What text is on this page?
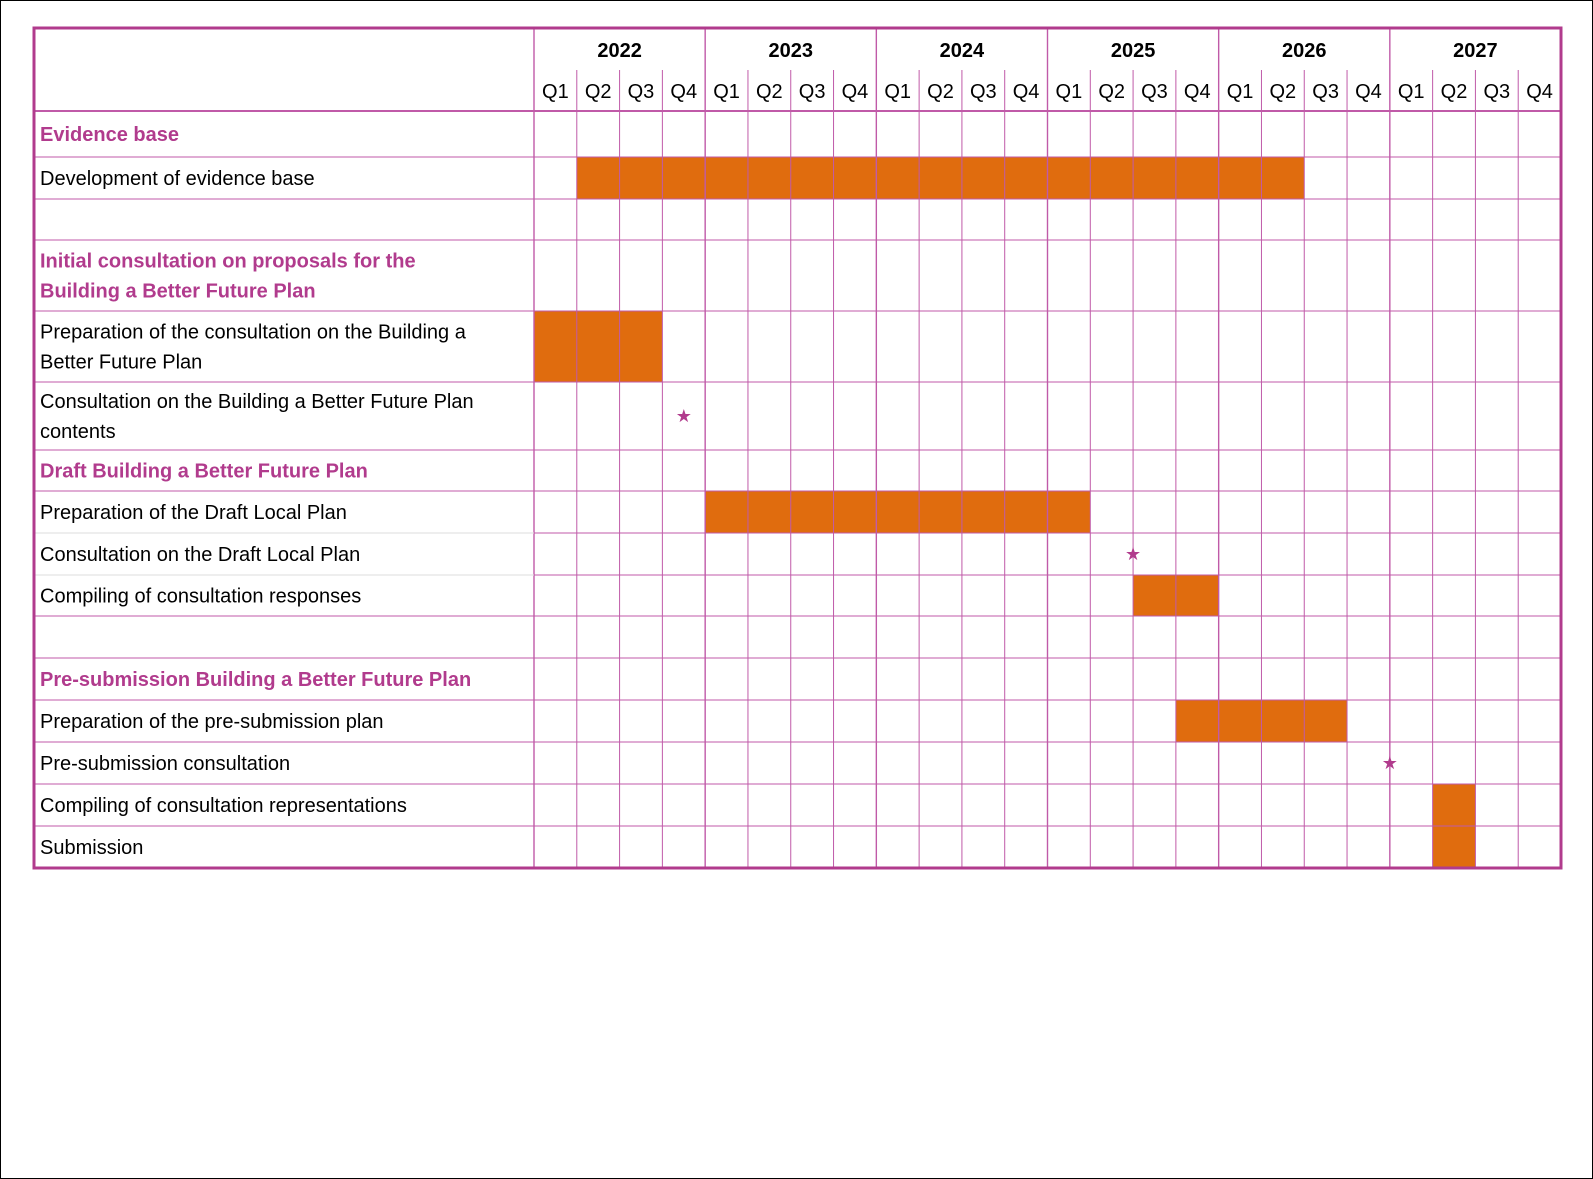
2022
Q1 Q2 Q3 Q4
2023
Q1 Q2 Q3 Q4
2024
Q1 Q2 Q3 Q4
2025
Q1 Q2 Q3 Q4
2026
Q1 Q2 Q3 Q4
2027
Q1 Q2 Q3 Q4
Evidence base
Development of evidence base
Initial consultation on proposals for the
Building a Better Future Plan
Preparation of the consultation on the Building a
Better Future Plan
Consultation on the Building a Better Future Plan
contents
Draft Building a Better Future Plan
Preparation of the Draft Local Plan
Consultation on the Draft Local Plan
Compiling of consultation responses
Pre-submission Building a Better Future Plan
Preparation of the pre-submission plan
Pre-submission consultation
Compiling of consultation representations
Submission
★
★
★
